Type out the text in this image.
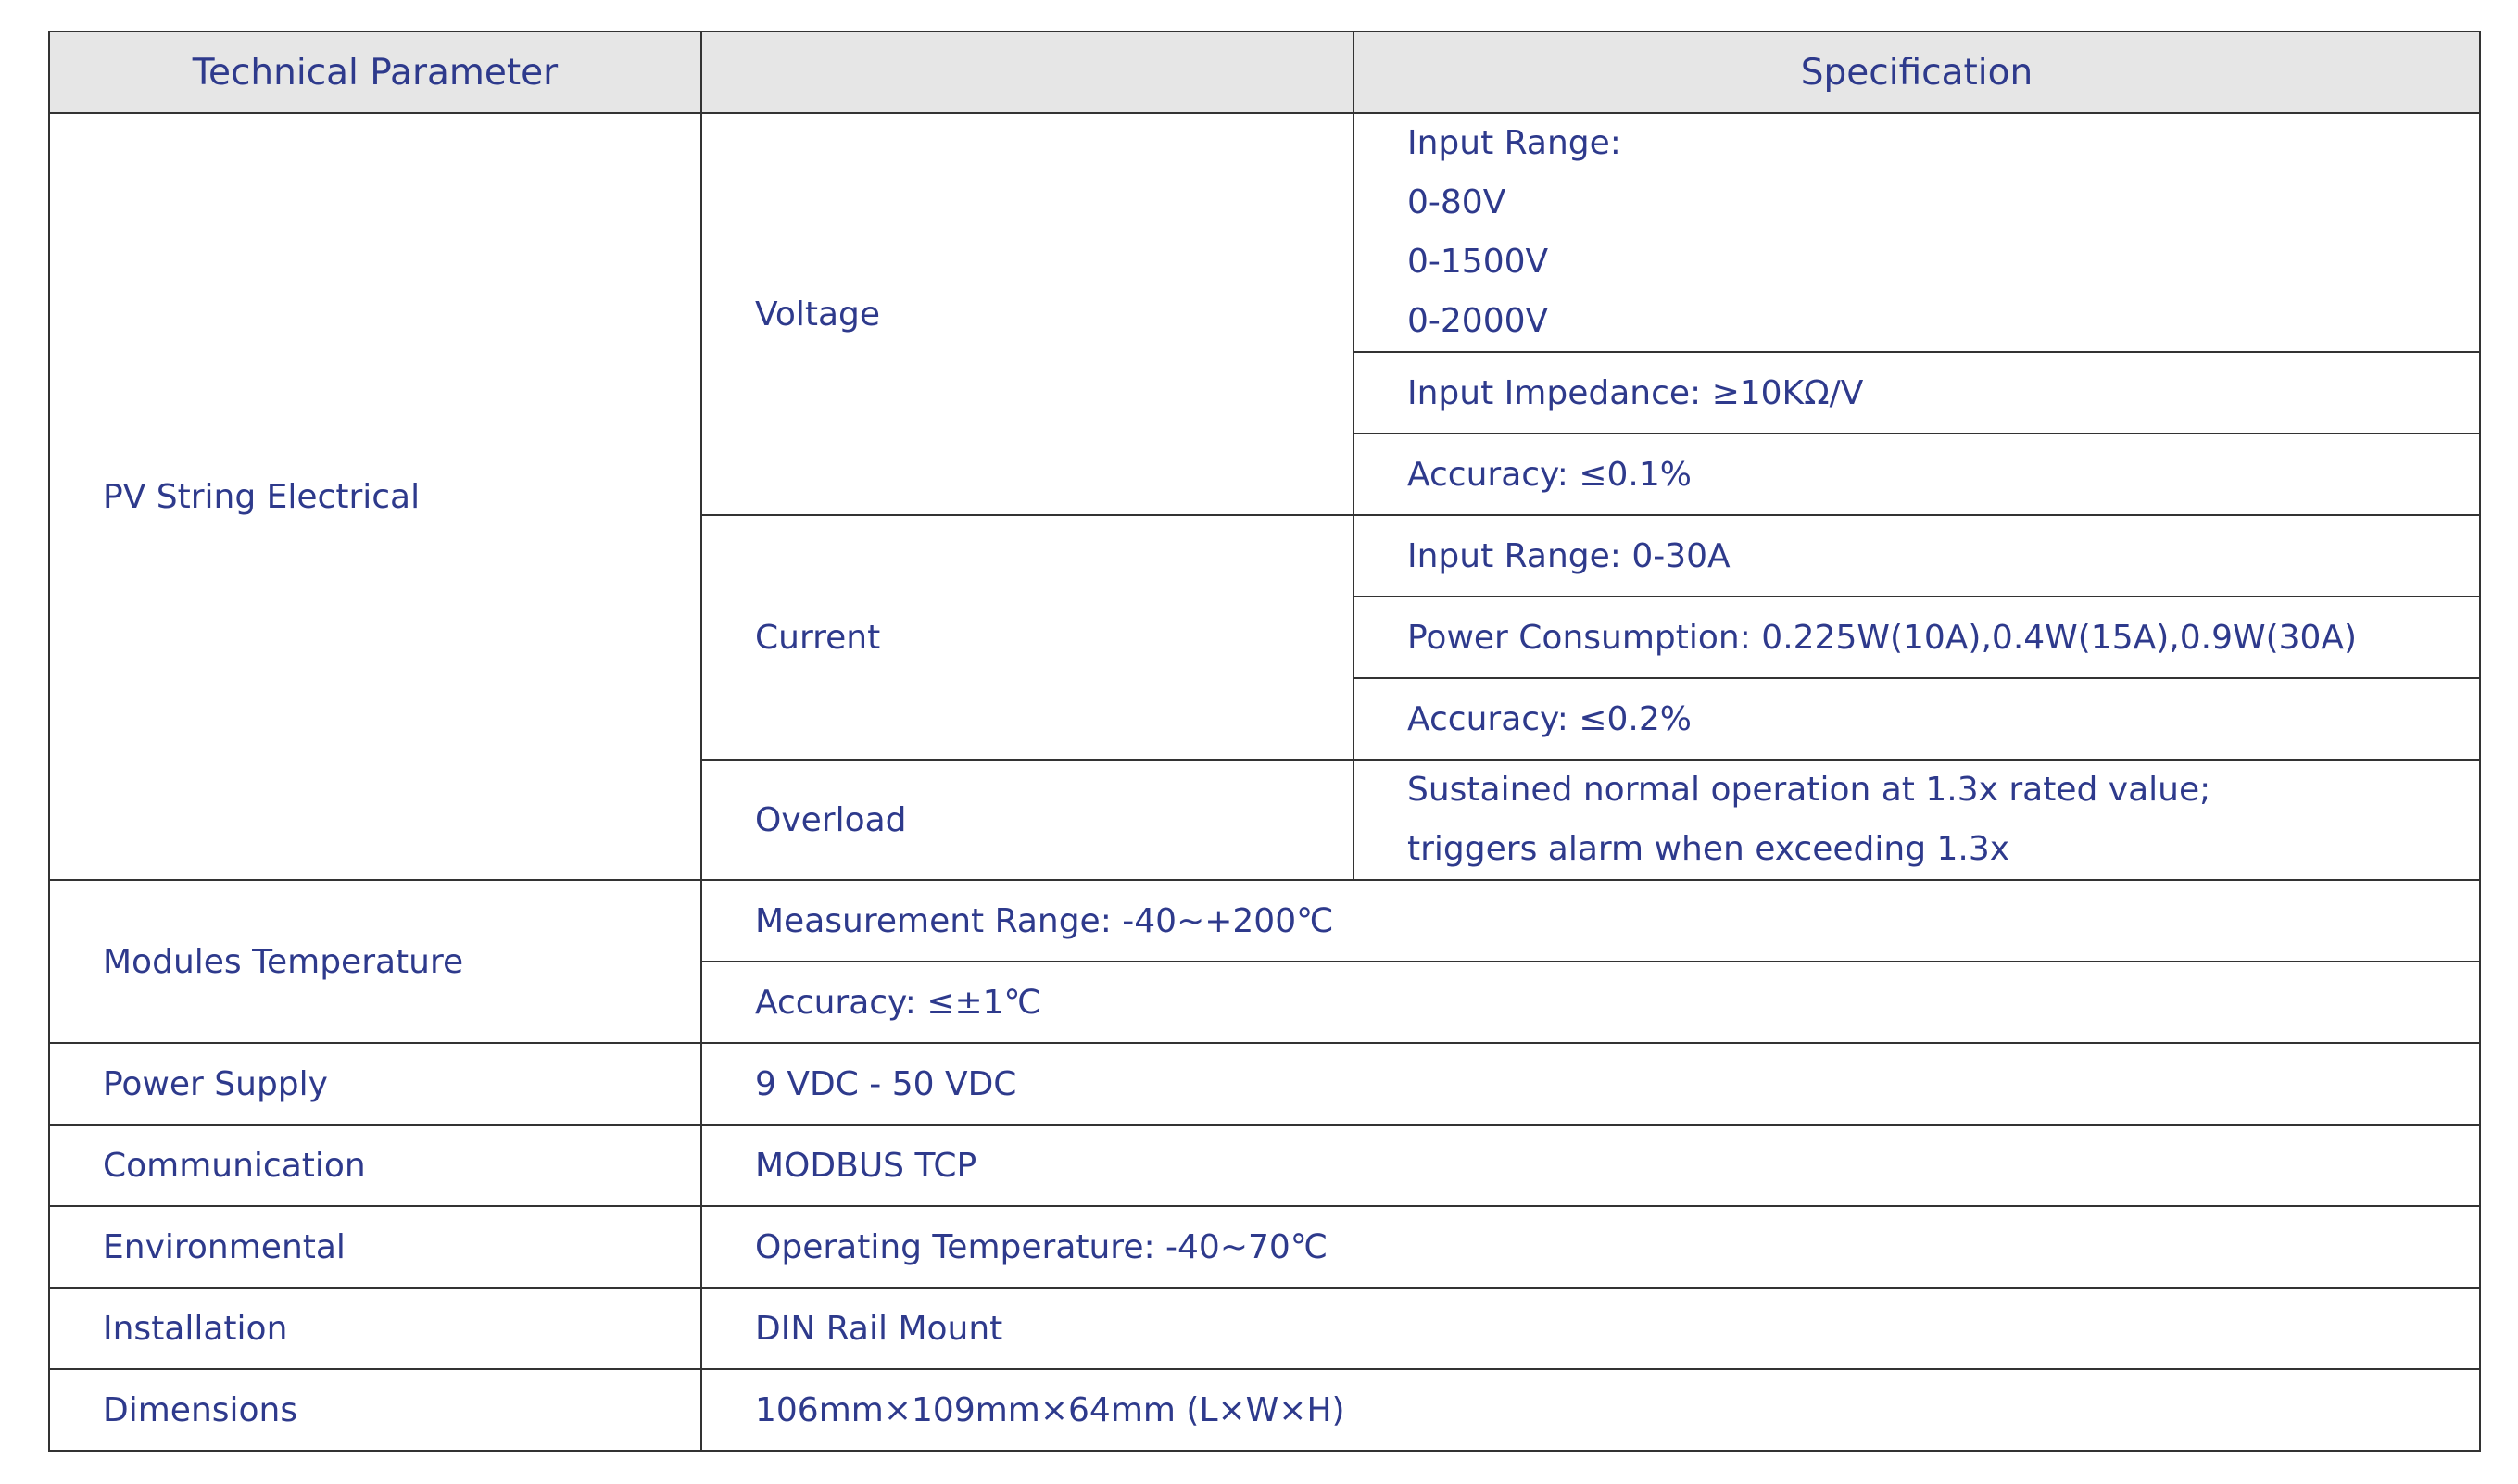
Technical Parameter		Specification
PV String Electrical	Voltage	Input Range:
0-80V
0-1500V
0-2000V

		Input Impedance: ≥10KΩ/V
		Accuracy: ≤0.1%
	Current	Input Range: 0-30A
		Power Consumption: 0.225W(10A),0.4W(15A),0.9W(30A)
		Accuracy: ≤0.2%
	Overload	Sustained normal operation at 1.3x rated value;
triggers alarm when exceeding 1.3x

Modules Temperature	Measurement Range: -40~+200℃	
	Accuracy: ≤±1℃	
Power Supply	9 VDC - 50 VDC	
Communication	MODBUS TCP	
Environmental	Operating Temperature: -40~70℃	
Installation	DIN Rail Mount	
Dimensions	106mm×109mm×64mm (L×W×H)	
